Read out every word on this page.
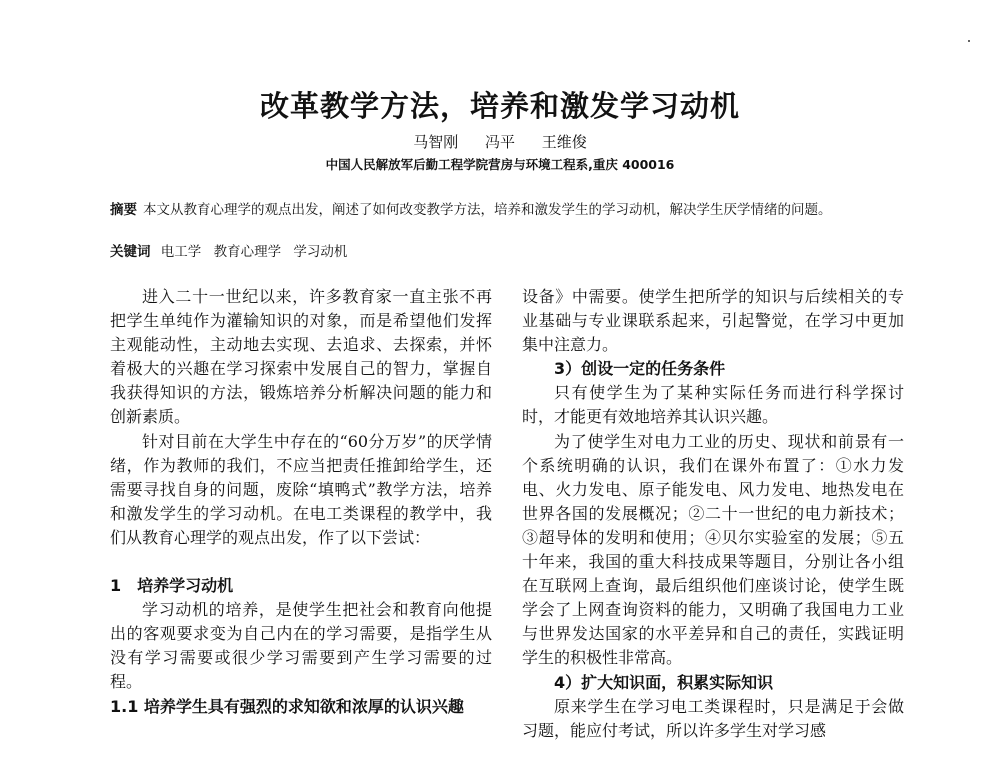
改革教学方法，培养和激发学习动机
马智刚 冯平 王维俊
中国人民解放军后勤工程学院营房与环境工程系,重庆 400016
摘要 本文从教育心理学的观点出发，阐述了如何改变教学方法，培养和激发学生的学习动机，解决学生厌学情绪的问题。
关键词 电工学 教育心理学 学习动机

进入二十一世纪以来，许多教育家一直主张不再把学生单纯作为灌输知识的对象，而是希望他们发挥主观能动性，主动地去实现、去追求、去探索，并怀着极大的兴趣在学习探索中发展自己的智力，掌握自我获得知识的方法，锻炼培养分析解决问题的能力和创新素质。

针对目前在大学生中存在的“60分万岁”的厌学情绪，作为教师的我们，不应当把责任推卸给学生，还需要寻找自身的问题，废除“填鸭式”教学方法，培养和激发学生的学习动机。在电工类课程的教学中，我们从教育心理学的观点出发，作了以下尝试：

1　培养学习动机

学习动机的培养，是使学生把社会和教育向他提出的客观要求变为自己内在的学习需要，是指学生从没有学习需要或很少学习需要到产生学习需要的过程。

1.1 培养学生具有强烈的求知欲和浓厚的认识兴趣

设备》中需要。使学生把所学的知识与后续相关的专业基础与专业课联系起来，引起警觉，在学习中更加集中注意力。

3）创设一定的任务条件

只有使学生为了某种实际任务而进行科学探讨时，才能更有效地培养其认识兴趣。

为了使学生对电力工业的历史、现状和前景有一个系统明确的认识，我们在课外布置了：①水力发电、火力发电、原子能发电、风力发电、地热发电在世界各国的发展概况；②二十一世纪的电力新技术；③超导体的发明和使用；④贝尔实验室的发展；⑤五十年来，我国的重大科技成果等题目，分别让各小组在互联网上查询，最后组织他们座谈讨论，使学生既学会了上网查询资料的能力，又明确了我国电力工业与世界发达国家的水平差异和自己的责任，实践证明学生的积极性非常高。

4）扩大知识面，积累实际知识

原来学生在学习电工类课程时，只是满足于会做习题，能应付考试，所以许多学生对学习感
